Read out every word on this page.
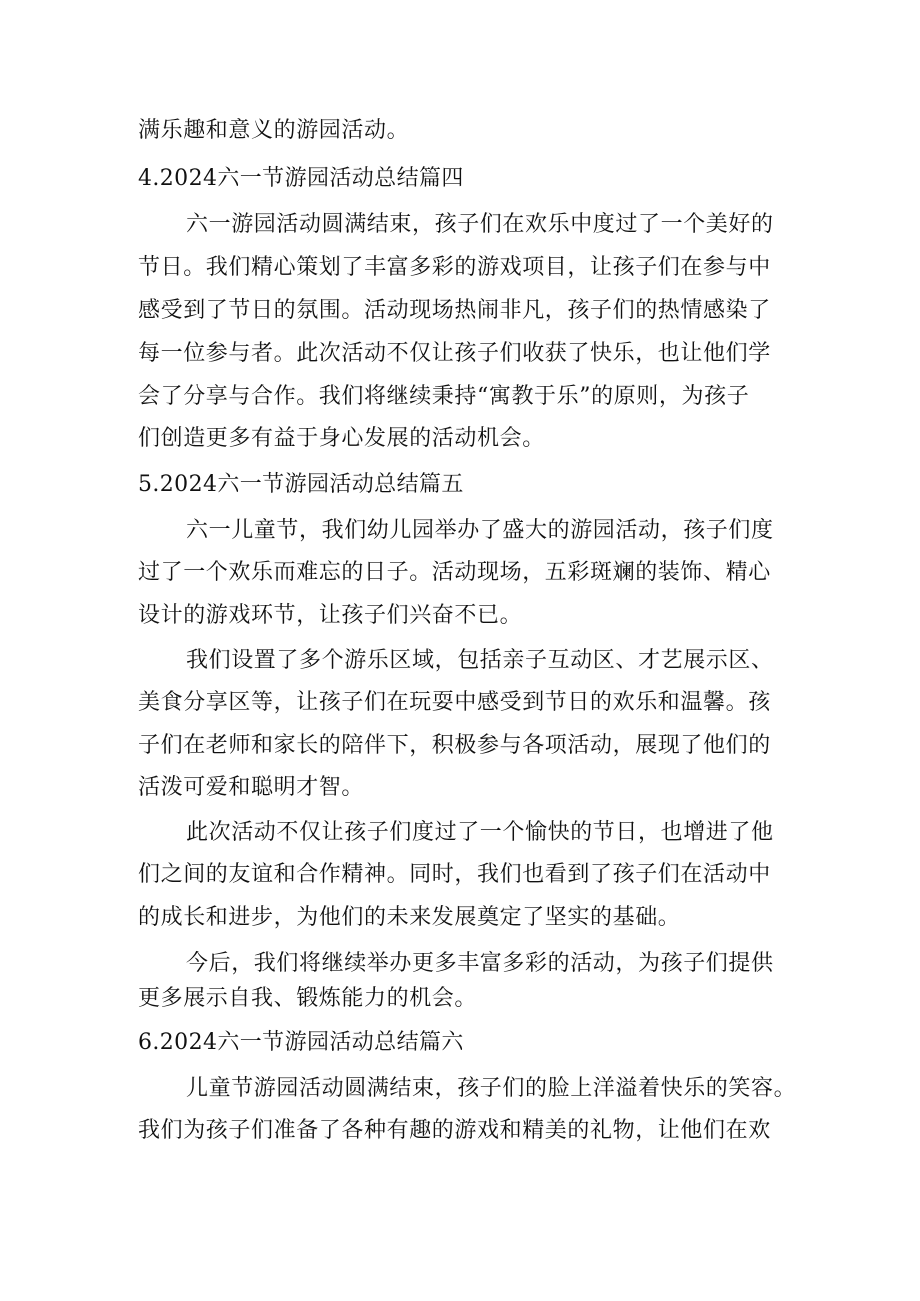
满乐趣和意义的游园活动。
4.2024六一节游园活动总结篇四
六一游园活动圆满结束，孩子们在欢乐中度过了一个美好的
节日。我们精心策划了丰富多彩的游戏项目，让孩子们在参与中
感受到了节日的氛围。活动现场热闹非凡，孩子们的热情感染了
每一位参与者。此次活动不仅让孩子们收获了快乐，也让他们学
会了分享与合作。我们将继续秉持“寓教于乐”的原则，为孩子
们创造更多有益于身心发展的活动机会。
5.2024六一节游园活动总结篇五
六一儿童节，我们幼儿园举办了盛大的游园活动，孩子们度
过了一个欢乐而难忘的日子。活动现场，五彩斑斓的装饰、精心
设计的游戏环节，让孩子们兴奋不已。
我们设置了多个游乐区域，包括亲子互动区、才艺展示区、
美食分享区等，让孩子们在玩耍中感受到节日的欢乐和温馨。孩
子们在老师和家长的陪伴下，积极参与各项活动，展现了他们的
活泼可爱和聪明才智。
此次活动不仅让孩子们度过了一个愉快的节日，也增进了他
们之间的友谊和合作精神。同时，我们也看到了孩子们在活动中
的成长和进步，为他们的未来发展奠定了坚实的基础。
今后，我们将继续举办更多丰富多彩的活动，为孩子们提供
更多展示自我、锻炼能力的机会。
6.2024六一节游园活动总结篇六
儿童节游园活动圆满结束，孩子们的脸上洋溢着快乐的笑容。
我们为孩子们准备了各种有趣的游戏和精美的礼物，让他们在欢
